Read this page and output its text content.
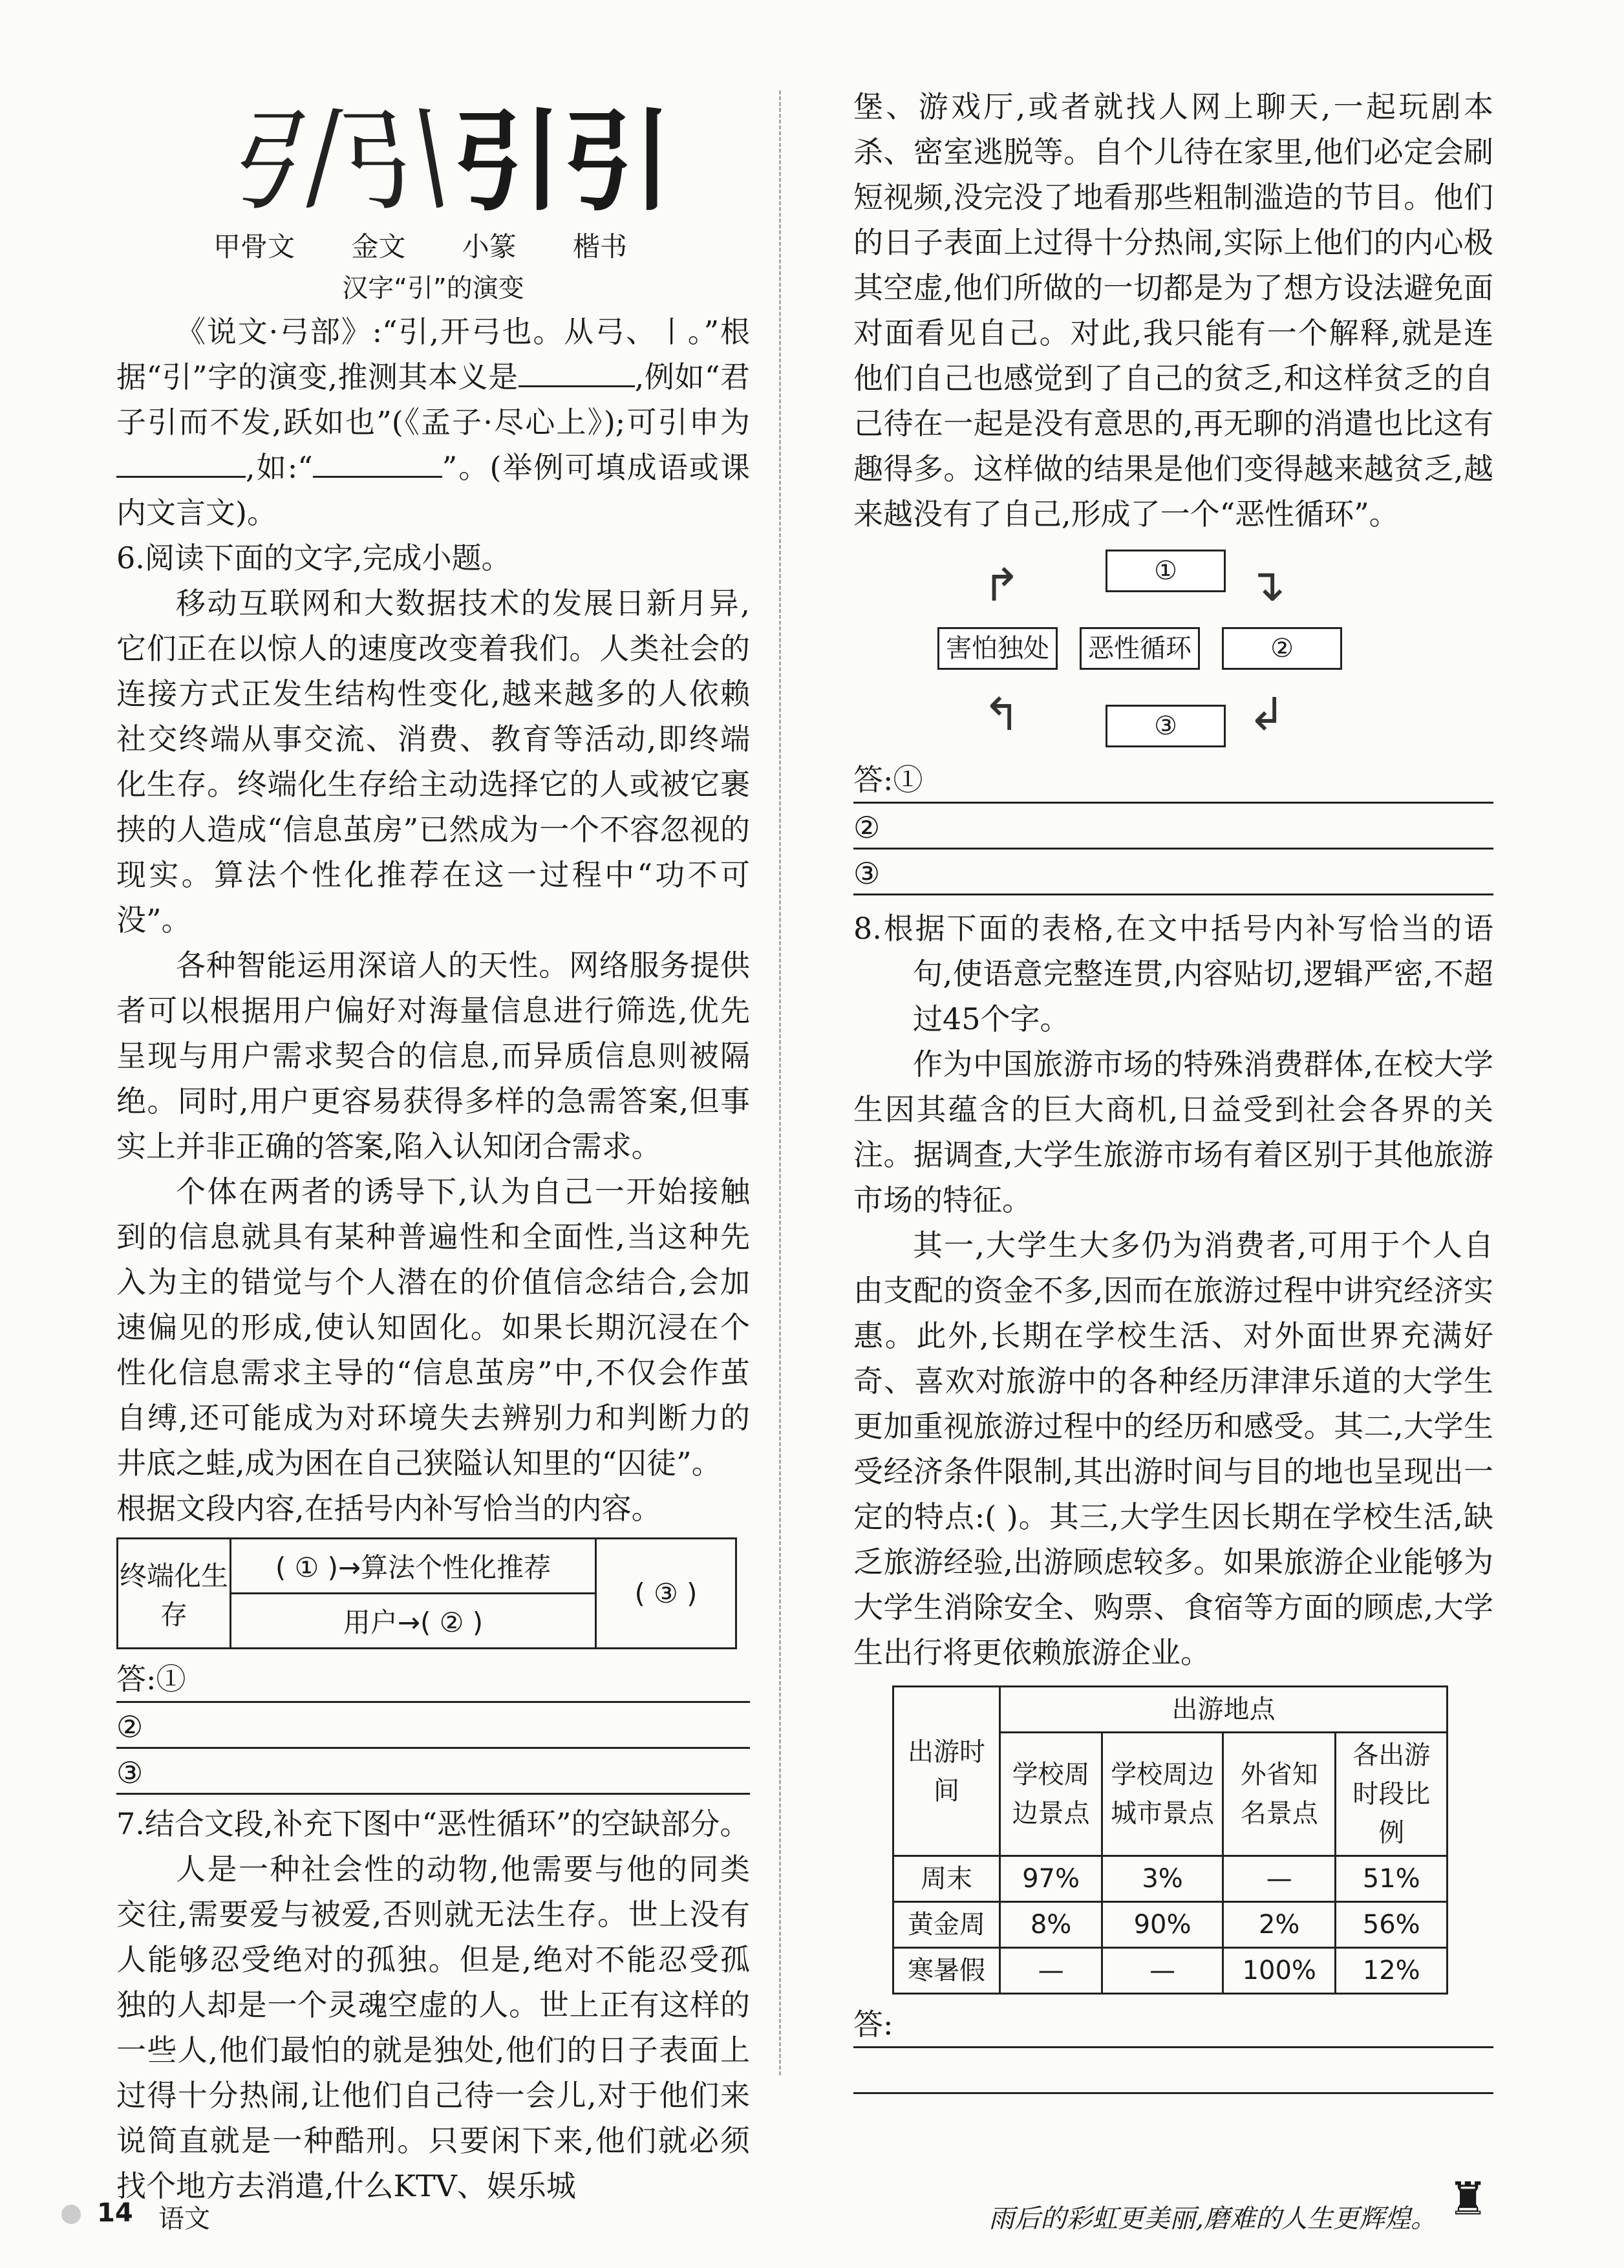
引
引
引 引
甲骨文 金文 小篆 楷书
汉字“引”的演变

《说文·弓部》:“引,开弓也。从弓、丨。”根据“引”字的演变,推测其本义是	,例如“君子引而不发,跃如也”(《孟子·尽心上》);可引申为,如:“	”。(举例可填成语或课内文言文)。

6.阅读下面的文字,完成小题。

移动互联网和大数据技术的发展日新月异,它们正在以惊人的速度改变着我们。人类社会的连接方式正发生结构性变化,越来越多的人依赖社交终端从事交流、消费、教育等活动,即终端化生存。终端化生存给主动选择它的人或被它裹挟的人造成“信息茧房”已然成为一个不容忽视的现实。算法个性化推荐在这一过程中“功不可没”。

各种智能运用深谙人的天性。网络服务提供者可以根据用户偏好对海量信息进行筛选,优先呈现与用户需求契合的信息,而异质信息则被隔绝。同时,用户更容易获得多样的急需答案,但事实上并非正确的答案,陷入认知闭合需求。

个体在两者的诱导下,认为自己一开始接触到的信息就具有某种普遍性和全面性,当这种先入为主的错觉与个人潜在的价值信念结合,会加速偏见的形成,使认知固化。如果长期沉浸在个性化信息需求主导的“信息茧房”中,不仅会作茧自缚,还可能成为对环境失去辨别力和判断力的井底之蛙,成为困在自己狭隘认知里的“囚徒”。

根据文段内容,在括号内补写恰当的内容。

终端化生存	( ① )→算法个性化推荐	( ③ )
用户→( ② )
答:①
②
③

7.结合文段,补充下图中“恶性循环”的空缺部分。

人是一种社会性的动物,他需要与他的同类交往,需要爱与被爱,否则就无法生存。世上没有人能够忍受绝对的孤独。但是,绝对不能忍受孤独的人却是一个灵魂空虚的人。世上正有这样的一些人,他们最怕的就是独处,他们的日子表面上过得十分热闹,让他们自己待一会儿,对于他们来说简直就是一种酷刑。只要闲下来,他们就必须找个地方去消遣,什么KTV、娱乐城

堡、游戏厅,或者就找人网上聊天,一起玩剧本杀、密室逃脱等。自个儿待在家里,他们必定会刷短视频,没完没了地看那些粗制滥造的节目。他们的日子表面上过得十分热闹,实际上他们的内心极其空虚,他们所做的一切都是为了想方设法避免面对面看见自己。对此,我只能有一个解释,就是连他们自己也感觉到了自己的贫乏,和这样贫乏的自己待在一起是没有意思的,再无聊的消遣也比这有趣得多。这样做的结果是他们变得越来越贫乏,越来越没有了自己,形成了一个“恶性循环”。

①
害怕独处	恶性循环	②
③
↱	↴
↲
↰
答:①
②
③

8.根据下面的表格,在文中括号内补写恰当的语句,使语意完整连贯,内容贴切,逻辑严密,不超过45个字。

作为中国旅游市场的特殊消费群体,在校大学生因其蕴含的巨大商机,日益受到社会各界的关注。据调查,大学生旅游市场有着区别于其他旅游市场的特征。

其一,大学生大多仍为消费者,可用于个人自由支配的资金不多,因而在旅游过程中讲究经济实惠。此外,长期在学校生活、对外面世界充满好奇、喜欢对旅游中的各种经历津津乐道的大学生更加重视旅游过程中的经历和感受。其二,大学生受经济条件限制,其出游时间与目的地也呈现出一定的特点:( )。其三,大学生因长期在学校生活,缺乏旅游经验,出游顾虑较多。如果旅游企业能够为大学生消除安全、购票、食宿等方面的顾虑,大学生出行将更依赖旅游企业。

出游时间	出游地点			
	学校周边景点	学校周边城市景点	外省知名景点	各出游时段比例
周末	97%	3%	—	51%
黄金周	8%	90%	2%	56%
寒暑假	—	—	100%	12%
答:
14 语文	雨后的彩虹更美丽,磨难的人生更辉煌。 ♜
